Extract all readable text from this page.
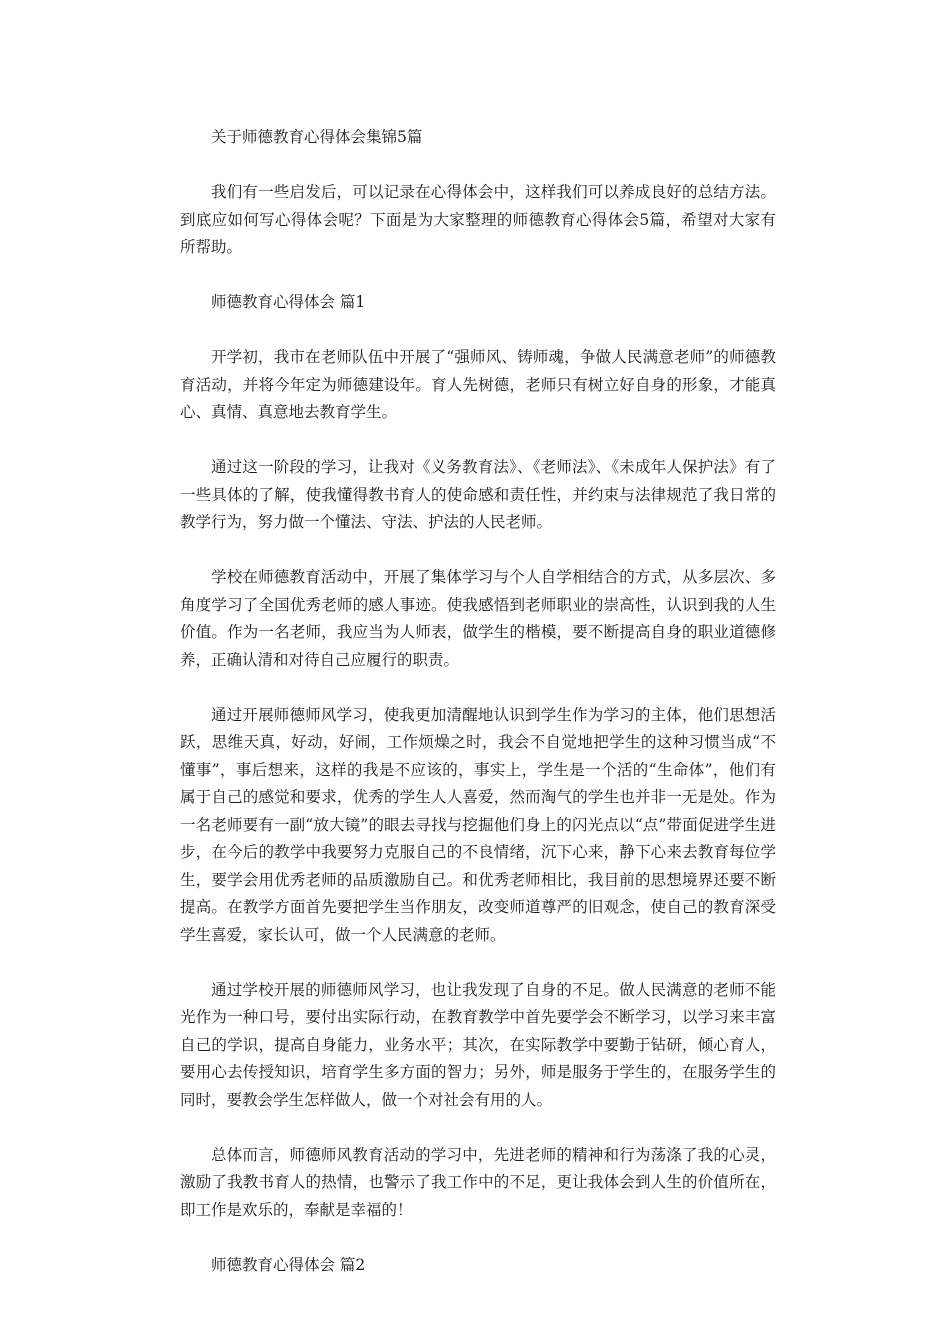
关于师德教育心得体会集锦5篇

我们有一些启发后，可以记录在心得体会中，这样我们可以养成良好的总结方法。到底应如何写心得体会呢？下面是为大家整理的师德教育心得体会5篇，希望对大家有所帮助。

师德教育心得体会 篇1

开学初，我市在老师队伍中开展了“强师风、铸师魂，争做人民满意老师”的师德教育活动，并将今年定为师德建设年。育人先树德，老师只有树立好自身的形象，才能真心、真情、真意地去教育学生。

通过这一阶段的学习，让我对《义务教育法》、《老师法》、《未成年人保护法》有了一些具体的了解，使我懂得教书育人的使命感和责任性，并约束与法律规范了我日常的教学行为，努力做一个懂法、守法、护法的人民老师。

学校在师德教育活动中，开展了集体学习与个人自学相结合的方式，从多层次、多角度学习了全国优秀老师的感人事迹。使我感悟到老师职业的崇高性，认识到我的人生价值。作为一名老师，我应当为人师表，做学生的楷模，要不断提高自身的职业道德修养，正确认清和对待自己应履行的职责。

通过开展师德师风学习，使我更加清醒地认识到学生作为学习的主体，他们思想活跃，思维天真，好动，好闹，工作烦燥之时，我会不自觉地把学生的这种习惯当成“不懂事”，事后想来，这样的我是不应该的，事实上，学生是一个活的“生命体”，他们有属于自己的感觉和要求，优秀的学生人人喜爱，然而淘气的学生也并非一无是处。作为一名老师要有一副“放大镜”的眼去寻找与挖掘他们身上的闪光点以“点”带面促进学生进步，在今后的教学中我要努力克服自己的不良情绪，沉下心来，静下心来去教育每位学生，要学会用优秀老师的品质激励自己。和优秀老师相比，我目前的思想境界还要不断提高。在教学方面首先要把学生当作朋友，改变师道尊严的旧观念，使自己的教育深受学生喜爱，家长认可，做一个人民满意的老师。

通过学校开展的师德师风学习，也让我发现了自身的不足。做人民满意的老师不能光作为一种口号，要付出实际行动，在教育教学中首先要学会不断学习，以学习来丰富自己的学识，提高自身能力，业务水平；其次，在实际教学中要勤于钻研，倾心育人，要用心去传授知识，培育学生多方面的智力；另外，师是服务于学生的，在服务学生的同时，要教会学生怎样做人，做一个对社会有用的人。

总体而言，师德师风教育活动的学习中，先进老师的精神和行为荡涤了我的心灵，激励了我教书育人的热情，也警示了我工作中的不足，更让我体会到人生的价值所在，即工作是欢乐的，奉献是幸福的！

师德教育心得体会 篇2
